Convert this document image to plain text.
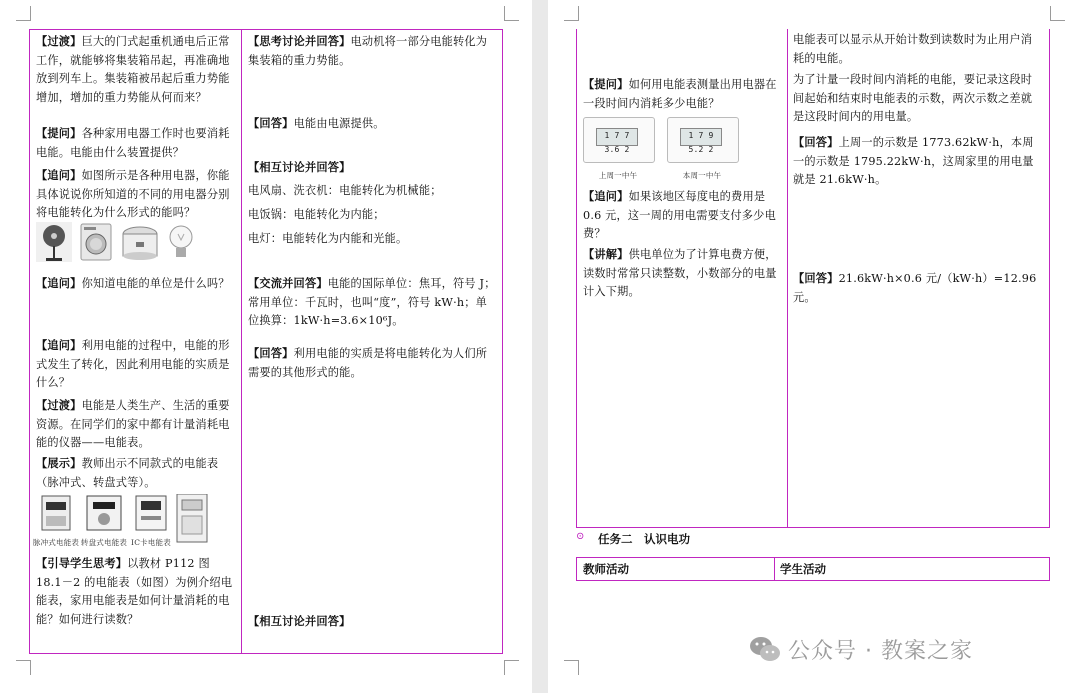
【过渡】巨大的门式起重机通电后正常工作，就能够将集装箱吊起，再准确地放到列车上。集装箱被吊起后重力势能增加，增加的重力势能从何而来？

【提问】各种家用电器工作时也要消耗电能。电能由什么装置提供？

【追问】如图所示是各种用电器，你能具体说说你所知道的不同的用电器分别将电能转化为什么形式的能吗？

【追问】你知道电能的单位是什么吗？

【追问】利用电能的过程中，电能的形式发生了转化，因此利用电能的实质是什么？

【过渡】电能是人类生产、生活的重要资源。在同学们的家中都有计量消耗电能的仪器——电能表。

【展示】教师出示不同款式的电能表（脉冲式、转盘式等）。

脉冲式电能表 转盘式电能表 IC卡电能表

【引导学生思考】以教材 P112 图 18.1－2 的电能表（如图）为例介绍电能表，家用电能表是如何计量消耗的电能？如何进行读数？

【思考讨论并回答】电动机将一部分电能转化为集装箱的重力势能。

【回答】电能由电源提供。

【相互讨论并回答】

电风扇、洗衣机：电能转化为机械能；

电饭锅：电能转化为内能；

电灯：电能转化为内能和光能。

【交流并回答】电能的国际单位：焦耳，符号 J；常用单位：千瓦时，也叫“度”，符号 kW·h；单位换算：1kW·h=3.6×10⁶J。

【回答】利用电能的实质是将电能转化为人们所需要的其他形式的能。

【相互讨论并回答】

【提问】如何用电能表测量出用电器在一段时间内消耗多少电能？

1 7 7 3.6 2
上周一中午
1 7 9 5.2 2
本周一中午

【追问】如果该地区每度电的费用是 0.6 元，这一周的用电需要支付多少电费？

【讲解】供电单位为了计算电费方便，读数时常常只读整数，小数部分的电量计入下期。

电能表可以显示从开始计数到读数时为止用户消耗的电能。

为了计量一段时间内消耗的电能，要记录这段时间起始和结束时电能表的示数，两次示数之差就是这段时间内的用电量。

【回答】上周一的示数是 1773.62kW·h，本周一的示数是 1795.22kW·h，这周家里的用电量就是 21.6kW·h。

【回答】21.6kW·h×0.6 元/（kW·h）=12.96 元。

⊙ 任务二　认识电功
教师活动	学生活动
公众号 · 教案之家
